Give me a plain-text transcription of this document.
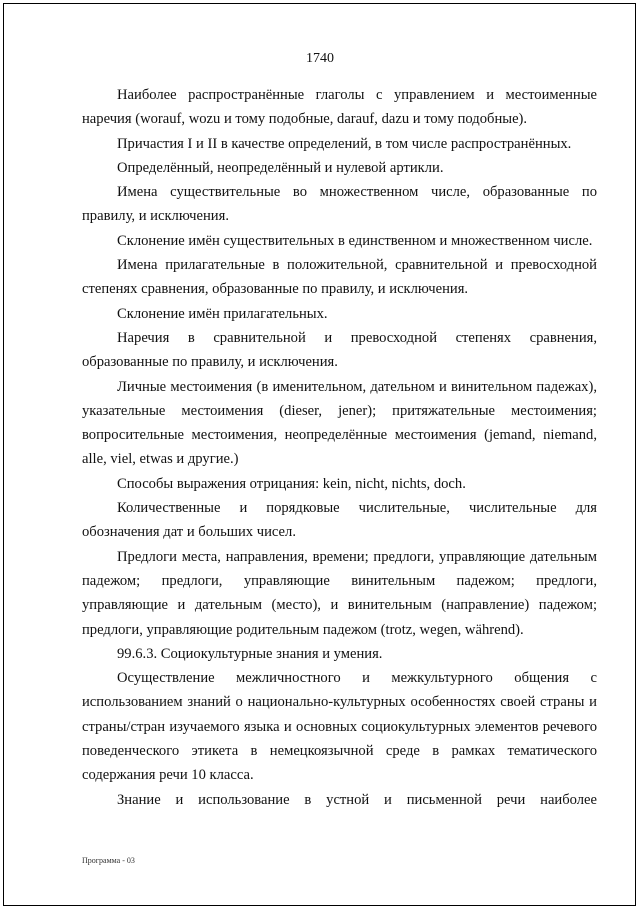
1740

Наиболее распространённые глаголы с управлением и местоименные наречия (worauf, wozu и тому подобные, darauf, dazu и тому подобные).

Причастия I и II в качестве определений, в том числе распространённых.

Определённый, неопределённый и нулевой артикли.

Имена существительные во множественном числе, образованные по правилу, и исключения.

Склонение имён существительных в единственном и множественном числе.

Имена прилагательные в положительной, сравнительной и превосходной степенях сравнения, образованные по правилу, и исключения.

Склонение имён прилагательных.

Наречия в сравнительной и превосходной степенях сравнения, образованные по правилу, и исключения.

Личные местоимения (в именительном, дательном и винительном падежах), указательные местоимения (dieser, jener); притяжательные местоимения; вопросительные местоимения, неопределённые местоимения (jemand, niemand, alle, viel, etwas и другие.)

Способы выражения отрицания: kein, nicht, nichts, doch.

Количественные и порядковые числительные, числительные для обозначения дат и больших чисел.

Предлоги места, направления, времени; предлоги, управляющие дательным падежом; предлоги, управляющие винительным падежом; предлоги, управляющие и дательным (место), и винительным (направление) падежом; предлоги, управляющие родительным падежом (trotz, wegen, während).

99.6.3. Социокультурные знания и умения.

Осуществление межличностного и межкультурного общения с использованием знаний о национально-культурных особенностях своей страны и страны/стран изучаемого языка и основных социокультурных элементов речевого поведенческого этикета в немецкоязычной среде в рамках тематического содержания речи 10 класса.

Знание и использование в устной и письменной речи наиболее

Программа - 03
